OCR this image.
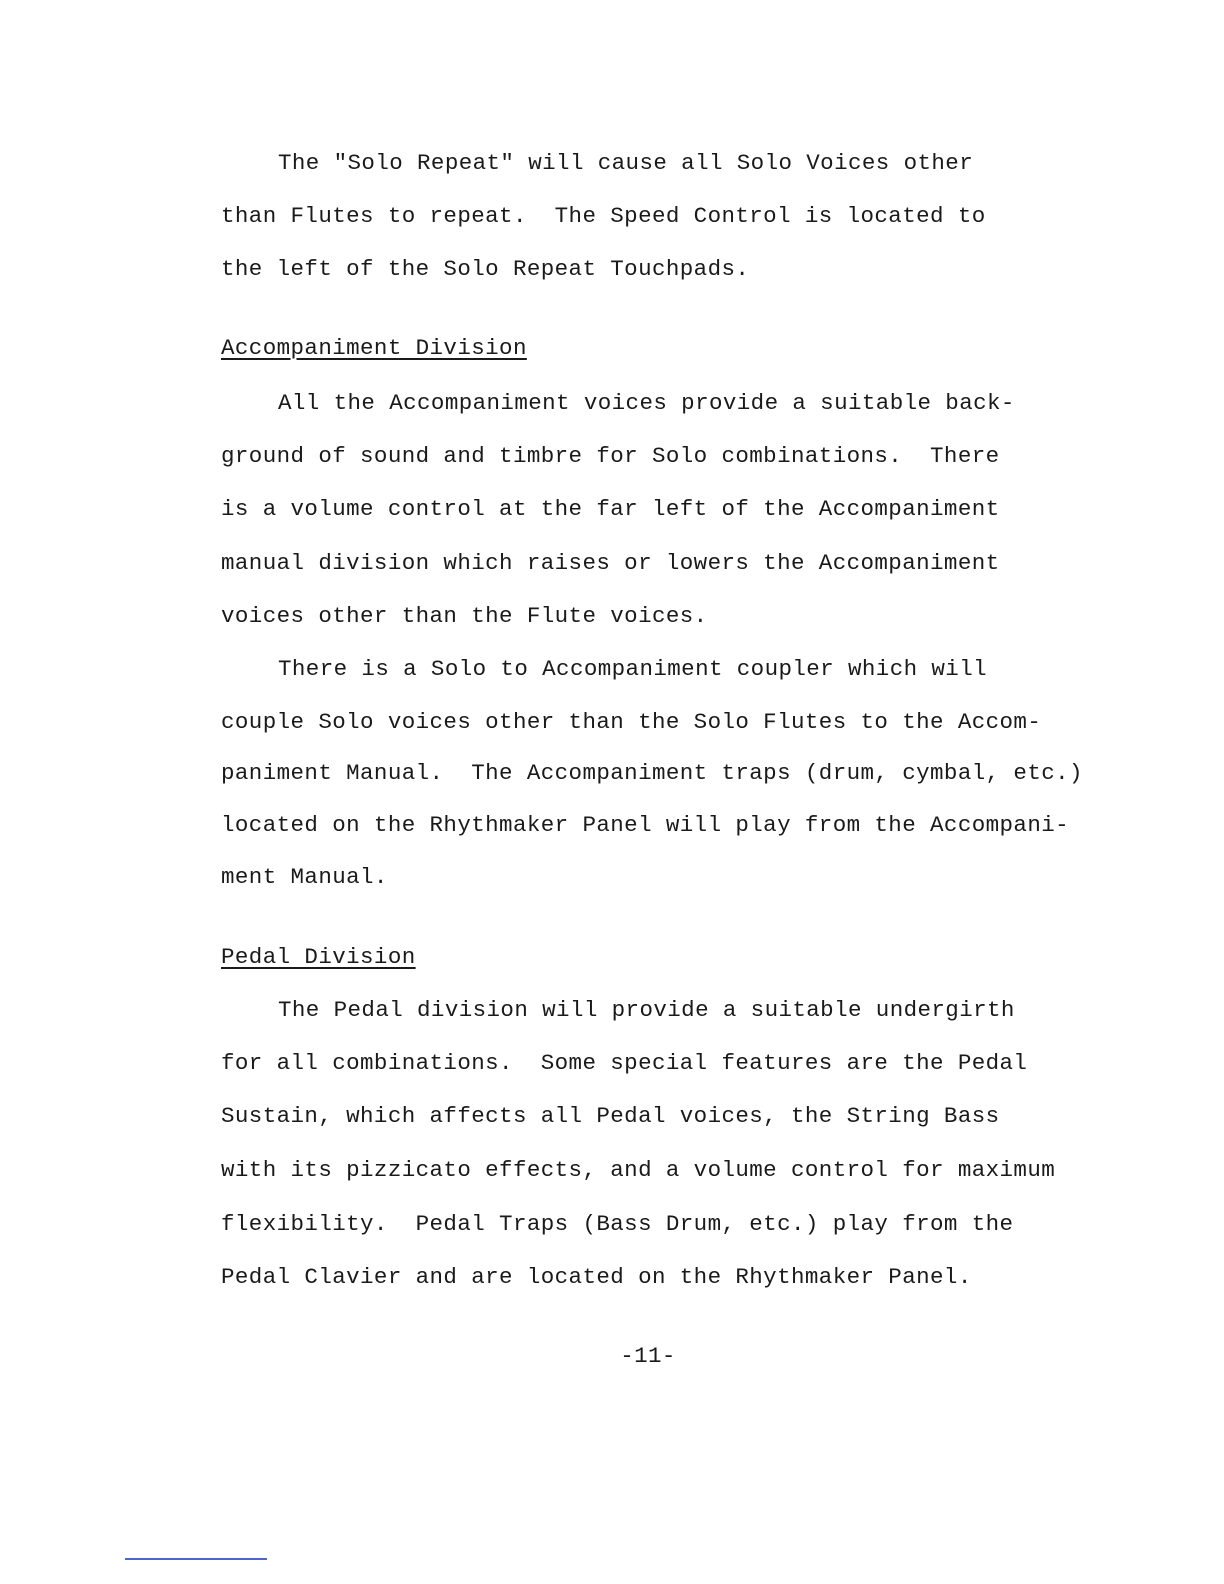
The "Solo Repeat" will cause all Solo Voices other
than Flutes to repeat.  The Speed Control is located to
the left of the Solo Repeat Touchpads.
Accompaniment Division
All the Accompaniment voices provide a suitable back-
ground of sound and timbre for Solo combinations.  There
is a volume control at the far left of the Accompaniment
manual division which raises or lowers the Accompaniment
voices other than the Flute voices.
There is a Solo to Accompaniment coupler which will
couple Solo voices other than the Solo Flutes to the Accom-
paniment Manual.  The Accompaniment traps (drum, cymbal, etc.)
located on the Rhythmaker Panel will play from the Accompani-
ment Manual.
Pedal Division
The Pedal division will provide a suitable undergirth
for all combinations.  Some special features are the Pedal
Sustain, which affects all Pedal voices, the String Bass
with its pizzicato effects, and a volume control for maximum
flexibility.  Pedal Traps (Bass Drum, etc.) play from the
Pedal Clavier and are located on the Rhythmaker Panel.
-11-
